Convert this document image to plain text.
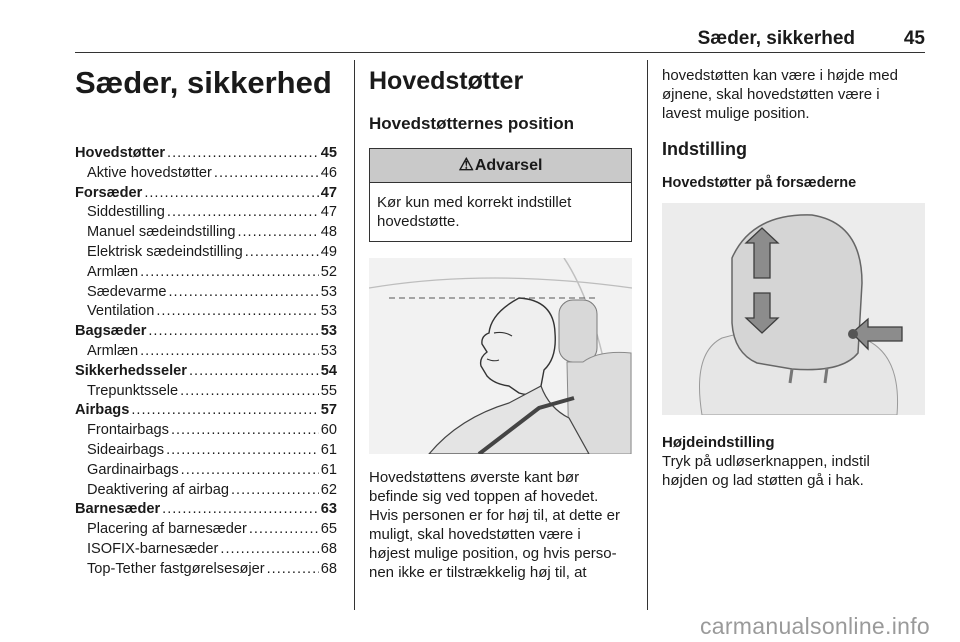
Sæder, sikkerhed	45
Sæder, sikkerhed
Hovedstøtter .....	45
Aktive hovedstøtter .....	46
Forsæder .....	47
Siddestilling .....	47
Manuel sædeindstilling .....	48
Elektrisk sædeindstilling .....	49
Armlæn .....	52
Sædevarme .....	53
Ventilation .....	53
Bagsæder .....	53
Armlæn .....	53
Sikkerhedsseler .....	54
Trepunktssele .....	55
Airbags .....	57
Frontairbags .....	60
Sideairbags .....	61
Gardinairbags .....	61
Deaktivering af airbag .....	62
Barnesæder .....	63
Placering af barnesæder .....	65
ISOFIX-barnesæder .....	68
Top-Tether fastgørelsesøjer .....	68
Hovedstøtter
Hovedstøtternes position
⚠Advarsel
Kør kun med korrekt indstillet hovedstøtte.
Hovedstøttens øverste kant bør
befinde sig ved toppen af hovedet.
Hvis personen er for høj til, at dette er
muligt, skal hovedstøtten være i
højest mulige position, og hvis perso-
nen ikke er tilstrækkelig høj til, at
hovedstøtten kan være i højde med
øjnene, skal hovedstøtten være i
lavest mulige position.
Indstilling
Hovedstøtter på forsæderne
Højdeindstilling
Tryk på udløserknappen, indstil
højden og lad støtten gå i hak.
carmanualsonline.info
